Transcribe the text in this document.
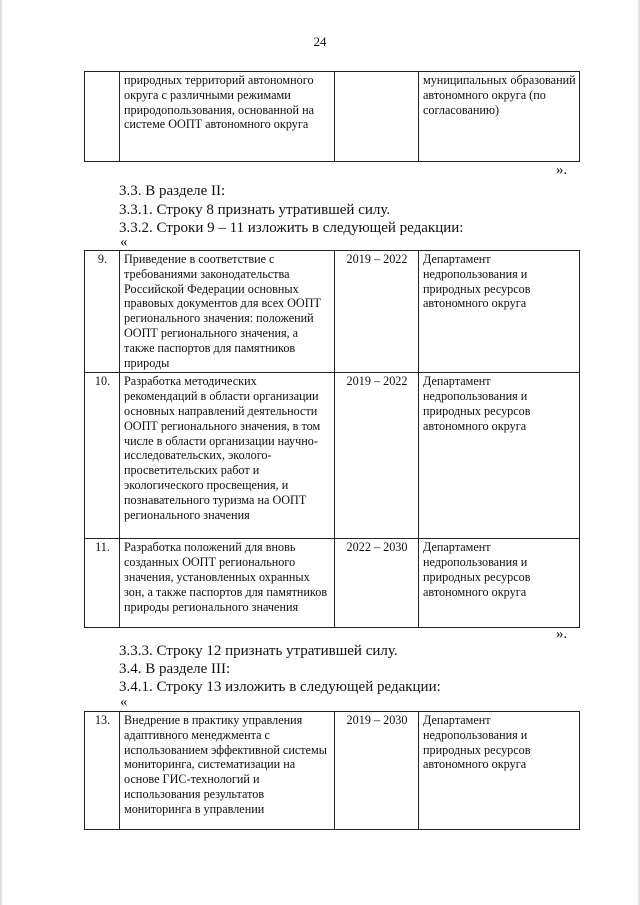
24
	природных территорий автономного округа с различными режимами природопользования, основанной на системе ООПТ автономного округа		муниципальных образований автономного округа (по согласованию)
».
3.3. В разделе II:
3.3.1. Строку 8 признать утратившей силу.
3.3.2. Строки 9 – 11 изложить в следующей редакции:
«
9.	Приведение в соответствие с требованиями законодательства Российской Федерации основных правовых документов для всех ООПТ регионального значения: положений ООПТ регионального значения, а также паспортов для памятников природы	2019 – 2022	Департамент недропользования и природных ресурсов автономного округа
10.	Разработка методических рекомендаций в области организации основных направлений деятельности ООПТ регионального значения, в том числе в области организации научно-исследовательских, эколого-просветительских работ и экологического просвещения, и познавательного туризма на ООПТ регионального значения	2019 – 2022	Департамент недропользования и природных ресурсов автономного округа
11.	Разработка положений для вновь созданных ООПТ регионального значения, установленных охранных зон, а также паспортов для памятников природы регионального значения	2022 – 2030	Департамент недропользования и природных ресурсов автономного округа
».
3.3.3. Строку 12 признать утратившей силу.
3.4. В разделе III:
3.4.1. Строку 13 изложить в следующей редакции:
«
13.	Внедрение в практику управления адаптивного менеджмента с использованием эффективной системы мониторинга, систематизации на основе ГИС-технологий и использования результатов мониторинга в управлении	2019 – 2030	Департамент недропользования и природных ресурсов автономного округа
